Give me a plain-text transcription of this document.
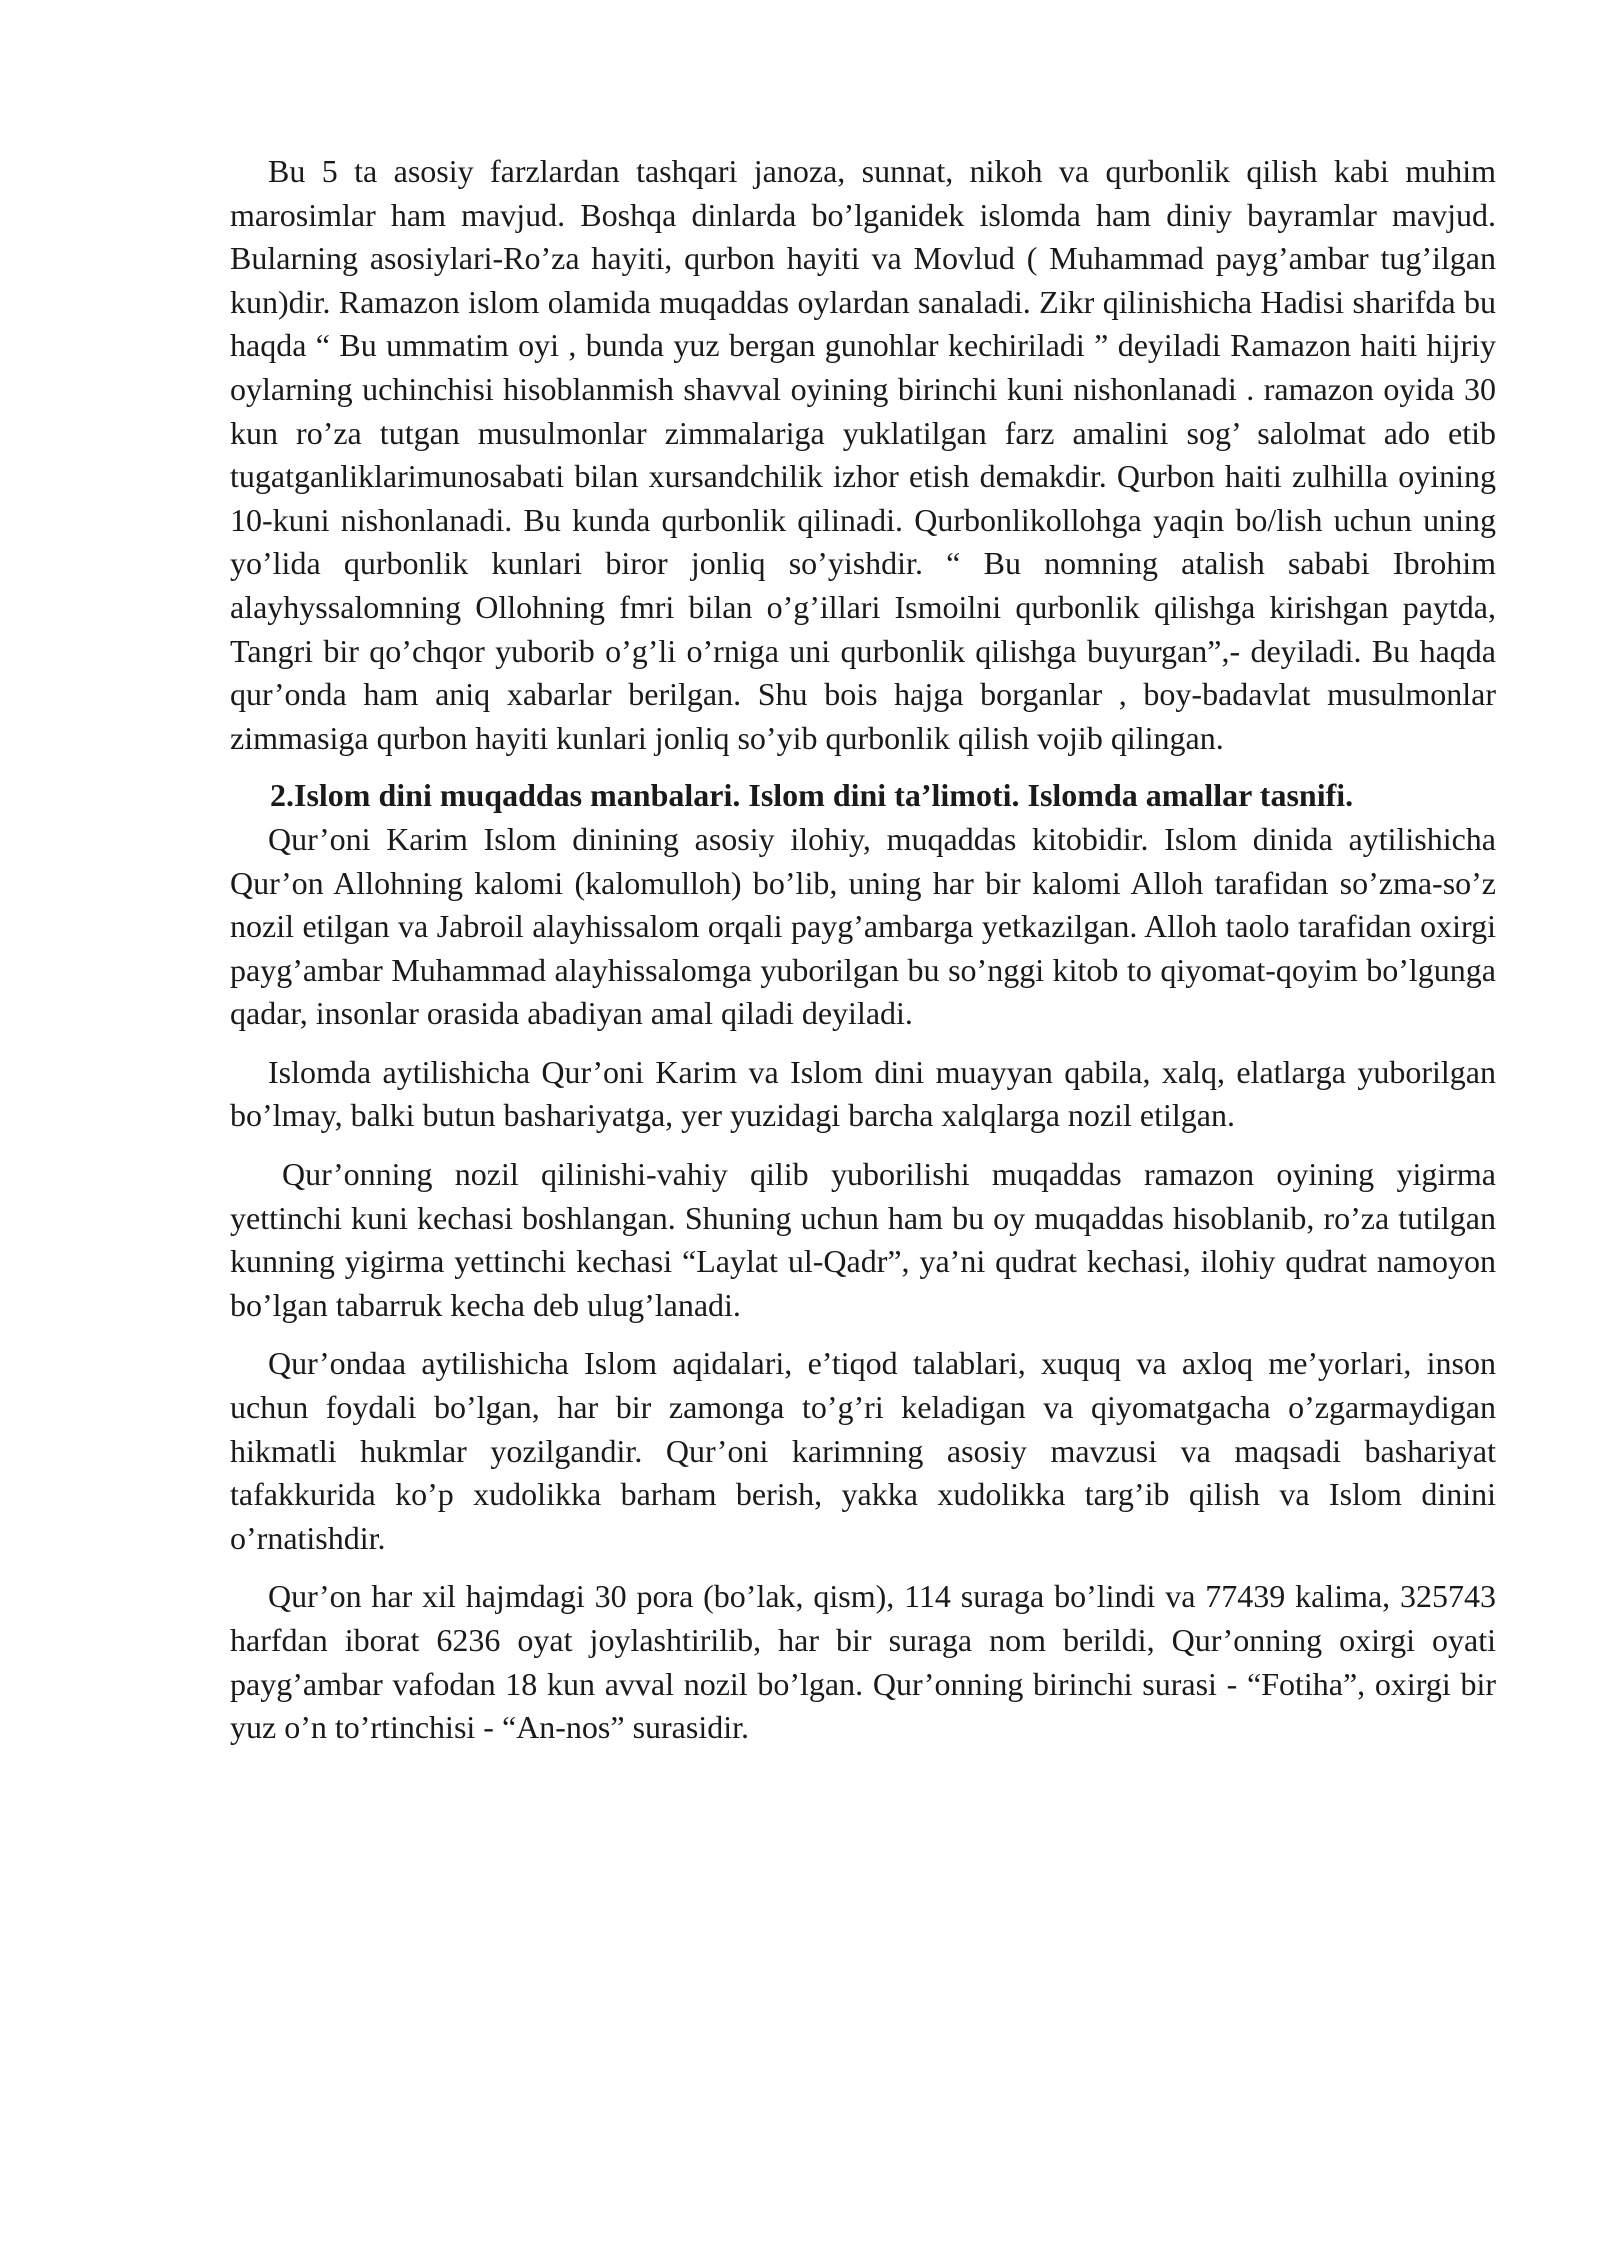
Bu 5 ta asosiy farzlardan tashqari janoza, sunnat, nikoh va qurbonlik qilish kabi muhim marosimlar ham mavjud. Boshqa dinlarda bo’lganidek islomda ham diniy bayramlar mavjud. Bularning asosiylari-Ro’za hayiti, qurbon hayiti va Movlud ( Muhammad payg’ambar tug’ilgan kun)dir. Ramazon islom olamida muqaddas oylardan sanaladi. Zikr qilinishicha Hadisi sharifda bu haqda “ Bu ummatim oyi , bunda yuz bergan gunohlar kechiriladi ” deyiladi Ramazon haiti hijriy oylarning uchinchisi hisoblanmish shavval oyining birinchi kuni nishonlanadi . ramazon oyida 30 kun ro’za tutgan musulmonlar zimmalariga yuklatilgan farz amalini sog’ salolmat ado etib tugatganliklarimunosabati bilan xursandchilik izhor etish demakdir. Qurbon haiti zulhilla oyining 10-kuni nishonlanadi. Bu kunda qurbonlik qilinadi. Qurbonlikollohga yaqin bo/lish uchun uning yo’lida qurbonlik kunlari biror jonliq so’yishdir. “ Bu nomning atalish sababi Ibrohim alayhyssalomning Ollohning fmri bilan o’g’illari Ismoilni qurbonlik qilishga kirishgan paytda, Tangri bir qo’chqor yuborib o’g’li o’rniga uni qurbonlik qilishga buyurgan”,- deyiladi. Bu haqda qur’onda ham aniq xabarlar berilgan. Shu bois hajga borganlar , boy-badavlat musulmonlar zimmasiga qurbon hayiti kunlari jonliq so’yib qurbonlik qilish vojib qilingan.

2.Islom dini muqaddas manbalari. Islom dini ta’limoti. Islomda amallar tasnifi.

Qur’oni Karim Islom dinining asosiy ilohiy, muqaddas kitobidir. Islom dinida aytilishicha Qur’on Allohning kalomi (kalomulloh) bo’lib, uning har bir kalomi Alloh tarafidan so’zma-so’z nozil etilgan va Jabroil alayhissalom orqali payg’ambarga yetkazilgan. Alloh taolo tarafidan oxirgi payg’ambar Muhammad alayhissalomga yuborilgan bu so’nggi kitob to qiyomat-qoyim bo’lgunga qadar, insonlar orasida abadiyan amal qiladi deyiladi.

Islomda aytilishicha Qur’oni Karim va Islom dini muayyan qabila, xalq, elatlarga yuborilgan bo’lmay, balki butun bashariyatga, yer yuzidagi barcha xalqlarga nozil etilgan.

Qur’onning nozil qilinishi-vahiy qilib yuborilishi muqaddas ramazon oyining yigirma yettinchi kuni kechasi boshlangan. Shuning uchun ham bu oy muqaddas hisoblanib, ro’za tutilgan kunning yigirma yettinchi kechasi “Laylat ul-Qadr”, ya’ni qudrat kechasi, ilohiy qudrat namoyon bo’lgan tabarruk kecha deb ulug’lanadi.

Qur’ondaa aytilishicha Islom aqidalari, e’tiqod talablari, xuquq va axloq me’yorlari, inson uchun foydali bo’lgan, har bir zamonga to’g’ri keladigan va qiyomatgacha o’zgarmaydigan hikmatli hukmlar yozilgandir. Qur’oni karimning asosiy mavzusi va maqsadi bashariyat tafakkurida ko’p xudolikka barham berish, yakka xudolikka targ’ib qilish va Islom dinini o’rnatishdir.

Qur’on har xil hajmdagi 30 pora (bo’lak, qism), 114 suraga bo’lindi va 77439 kalima, 325743 harfdan iborat 6236 oyat joylashtirilib, har bir suraga nom berildi, Qur’onning oxirgi oyati payg’ambar vafodan 18 kun avval nozil bo’lgan. Qur’onning birinchi surasi - “Fotiha”, oxirgi bir yuz o’n to’rtinchisi - “An-nos” surasidir.
